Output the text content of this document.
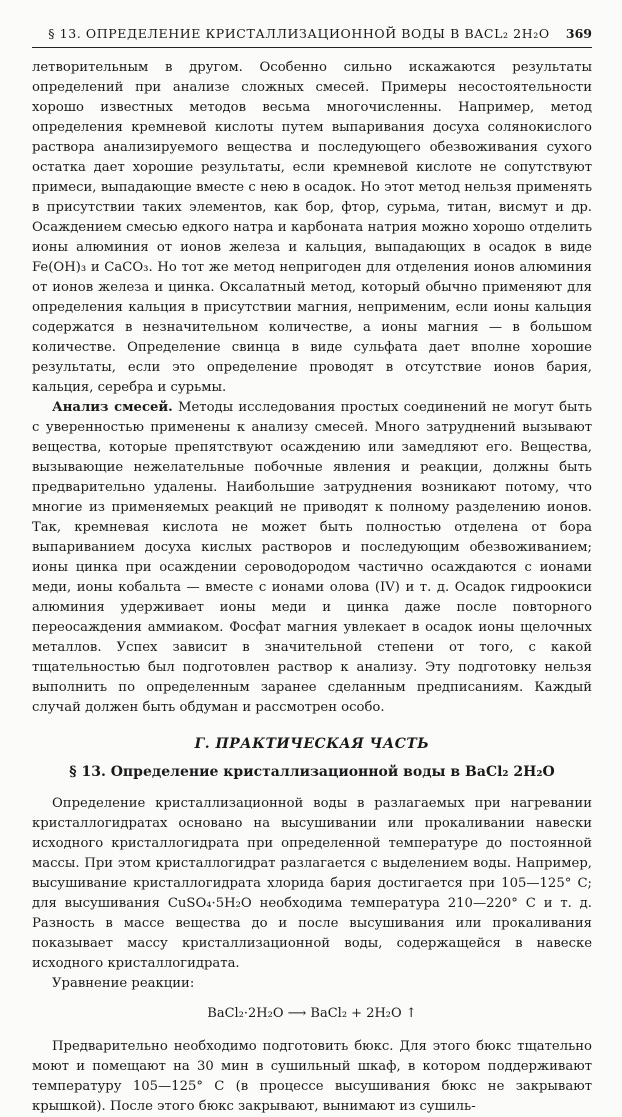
§ 13. ОПРЕДЕЛЕНИЕ КРИСТАЛЛИЗАЦИОННОЙ ВОДЫ В BACL₂ 2H₂O	369

летворительным в другом. Особенно сильно искажаются результаты определений при анализе сложных смесей. Примеры несостоятельности хорошо известных методов весьма многочисленны. Например, метод определения кремневой кислоты путем выпаривания досуха солянокислого раствора анализируемого вещества и последующего обезвоживания сухого остатка дает хорошие результаты, если кремневой кислоте не сопутствуют примеси, выпадающие вместе с нею в осадок. Но этот метод нельзя применять в присутствии таких элементов, как бор, фтор, сурьма, титан, висмут и др. Осаждением смесью едкого натра и карбоната натрия можно хорошо отделить ионы алюминия от ионов железа и кальция, выпадающих в осадок в виде Fe(OH)₃ и CaCO₃. Но тот же метод непригоден для отделения ионов алюминия от ионов железа и цинка. Оксалатный метод, который обычно применяют для определения кальция в присутствии магния, неприменим, если ионы кальция содержатся в незначительном количестве, а ионы магния — в большом количестве. Определение свинца в виде сульфата дает вполне хорошие результаты, если это определение проводят в отсутствие ионов бария, кальция, серебра и сурьмы.

Анализ смесей. Методы исследования простых соединений не могут быть с уверенностью применены к анализу смесей. Много затруднений вызывают вещества, которые препятствуют осаждению или замедляют его. Вещества, вызывающие нежелательные побочные явления и реакции, должны быть предварительно удалены. Наибольшие затруднения возникают потому, что многие из применяемых реакций не приводят к полному разделению ионов. Так, кремневая кислота не может быть полностью отделена от бора выпариванием досуха кислых растворов и последующим обезвоживанием; ионы цинка при осаждении сероводородом частично осаждаются с ионами меди, ионы кобальта — вместе с ионами олова (IV) и т. д. Осадок гидроокиси алюминия удерживает ионы меди и цинка даже после повторного переосаждения аммиаком. Фосфат магния увлекает в осадок ионы щелочных металлов. Успех зависит в значительной степени от того, с какой тщательностью был подготовлен раствор к анализу. Эту подготовку нельзя выполнить по определенным заранее сделанным предписаниям. Каждый случай должен быть обдуман и рассмотрен особо.

Г. ПРАКТИЧЕСКАЯ ЧАСТЬ
§ 13. Определение кристаллизационной воды в BaCl₂ 2H₂O

Определение кристаллизационной воды в разлагаемых при нагревании кристаллогидратах основано на высушивании или прокаливании навески исходного кристаллогидрата при определенной температуре до постоянной массы. При этом кристаллогидрат разлагается с выделением воды. Например, высушивание кристаллогидрата хлорида бария достигается при 105—125° С; для высушивания CuSO₄·5H₂O необходима температура 210—220° С и т. д. Разность в массе вещества до и после высушивания или прокаливания показывает массу кристаллизационной воды, содержащейся в навеске исходного кристаллогидрата.

Уравнение реакции:

BaCl₂·2H₂O ⟶ BaCl₂ + 2H₂O ↑

Предварительно необходимо подготовить бюкс. Для этого бюкс тщательно моют и помещают на 30 мин в сушильный шкаф, в котором поддерживают температуру 105—125° С (в процессе высушивания бюкс не закрывают крышкой). После этого бюкс закрывают, вынимают из сушиль-
